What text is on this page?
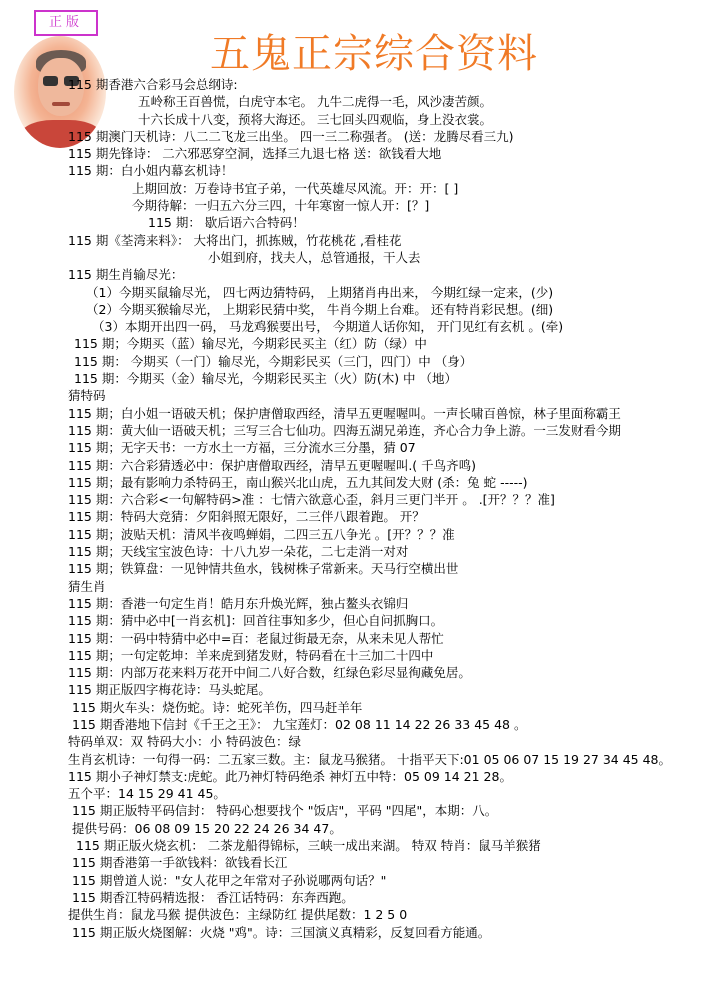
正版
五鬼正宗综合资料
115 期香港六合彩马会总纲诗:
五岭称王百兽慌，白虎守本宅。 九牛二虎得一毛，风沙凄苦颜。
十六长成十八变，预将大海还。 三七回头四观临，身上没衣裳。
115 期澳门天机诗：八二二飞龙三出坐。 四一三二称强者。 (送：龙腾尽看三九)
115 期先锋诗： 二六邪恶穿空洞，选择三九退七格 送：欲钱看大地
115 期：白小姐内幕玄机诗！
上期回放：万卷诗书宜子弟，一代英雄尽风流。开：开：[ ]
今期待解：一归五六分三四，十年寒窗一惊人开：[？]
115 期： 歇后语六合特码！
115 期《荃湾来料》： 大将出门，抓拣贼，竹花桃花 ,看桂花
小姐到府，找夫人，总管通报，干人去
115 期生肖输尽光：
（1）今期买鼠输尽光， 四七两边猜特码， 上期猪肖冉出来， 今期红绿一定来，(少)
（2）今期买猴输尽光， 上期彩民猜中奖， 牛肖今期上台难。 还有特肖彩民想。(细)
（3）本期开出四一码， 马龙鸡猴要出号， 今期道人话你知， 开门见红有玄机 。(牵)
115 期；今期买（蓝）输尽光，今期彩民买主（红）防（绿）中
115 期： 今期买（一门）输尽光，今期彩民买（三门，四门）中 （身）
115 期：今期买（金）输尽光，今期彩民买主（火）防(木) 中 （地）
猜特码
115 期；白小姐一语破天机；保护唐僧取西经，清早五更喔喔叫。一声长啸百兽惊，林子里面称霸王
115 期：黄大仙一语破天机；三写三合七仙功。四海五湖兄弟连，齐心合力争上游。一三发财看今期
115 期；无字天书：一方水土一方福，三分流水三分墨，猜 07
115 期：六合彩猜透必中：保护唐僧取西经，清早五更喔喔叫.( 千鸟齐鸣)
115 期；最有影响力杀特码王，南山猴兴北山虎，五九其间发大财 (杀：兔 蛇 -----)
115 期：六合彩<一句解特码>准 ：七情六欲意心歪，斜月三更门半开 。 .[开？？？准]
115 期：特码大竞猜：夕阳斜照无限好，二三伴八跟着跑。 开？
115 期；波贴天机：清风半夜鸣蝉娟，二四三五八争光 。[开？？？准
115 期；天线宝宝波色诗：十八九岁一朵花，二七走消一对对
115 期；铁算盘：一见钟情共鱼水，钱树株子常新来。天马行空横出世
猜生肖
115 期：香港一句定生肖！皓月东升焕光辉，独占鳌头衣锦归
115 期：猜中必中[一肖玄机]：回首往事知多少，但心自问抓胸口。
115 期：一码中特猜中必中=百：老鼠过街最无奈，从来未见人帮忙
115 期；一句定乾坤：羊来虎到猪发财，特码看在十三加二十四中
115 期：内部万花来料万花开中间二八好合数，红绿色彩尽显徇藏免居。
115 期正版四字梅花诗：马头蛇尾。
115 期火车头：烧伤蛇。诗：蛇死羊伤，四马赶羊年
115 期香港地下信封《千王之王》： 九宝莲灯：02 08 11 14 22 26 33 45 48 。
特码单双：双 特码大小：小 特码波色：绿
生肖玄机诗：一句得一码：二五家三数。主：鼠龙马猴猪。 十指平天下:01 05 06 07 15 19 27 34 45 48。
115 期小子神灯禁支:虎蛇。此乃神灯特码绝杀 神灯五中特：05 09 14 21 28。
五个平：14 15 29 41 45。
115 期正版特平码信封： 特码心想要找个 "饭店"，平码 "四尾"，本期：八。
提供号码：06 08 09 15 20 22 24 26 34 47。
115 期正版火烧玄机： 二茶龙船得锦标，三峡一成出来湖。 特双 特肖：鼠马羊猴猪
115 期香港第一手欲钱料：欲钱看长江
115 期曾道人说："女人花甲之年常对子孙说哪两句话？"
115 期香江特码精选报： 香江话特码：东奔西跑。
提供生肖：鼠龙马猴 提供波色：主绿防红 提供尾数：1 2 5 0
115 期正版火烧图解：火烧 "鸡"。诗：三国演义真精彩，反复回看方能通。
